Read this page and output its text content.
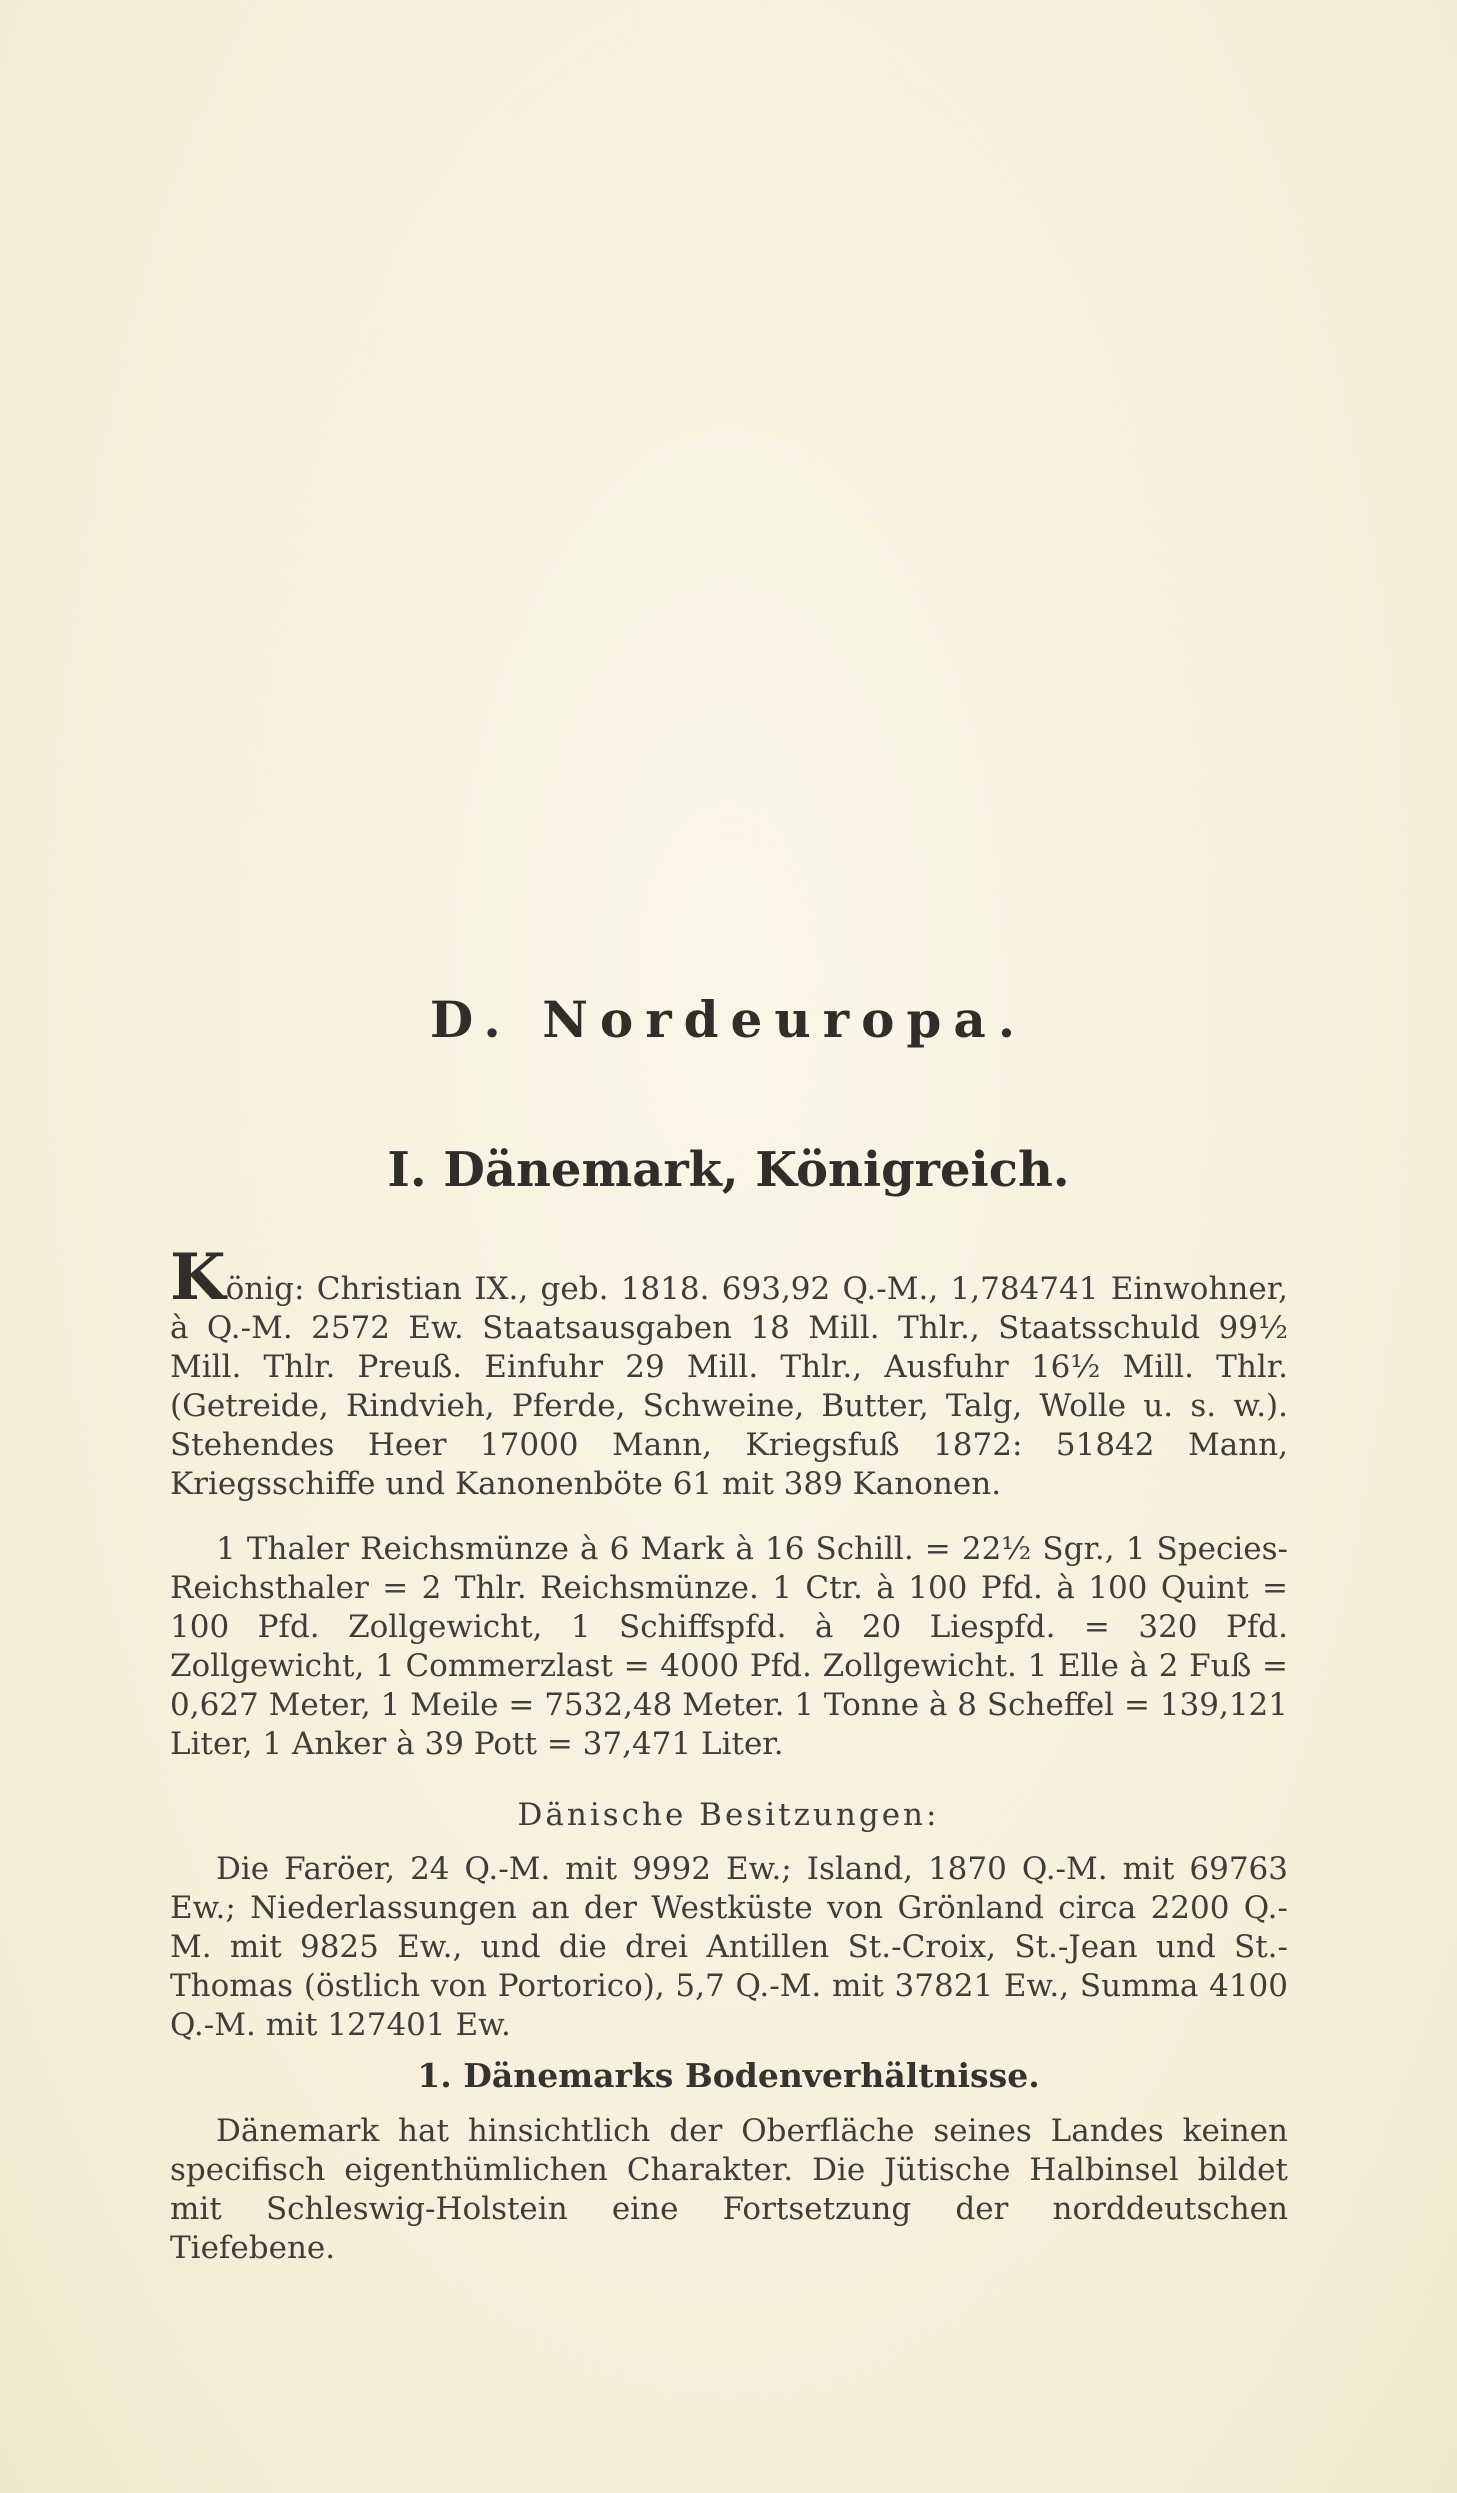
D. Nordeuropa.
I. Dänemark, Königreich.

König: Christian IX., geb. 1818. 693,92 Q.-M., 1,784741 Einwohner, à Q.-M. 2572 Ew. Staatsausgaben 18 Mill. Thlr., Staatsschuld 99½ Mill. Thlr. Preuß. Einfuhr 29 Mill. Thlr., Ausfuhr 16½ Mill. Thlr. (Getreide, Rindvieh, Pferde, Schweine, Butter, Talg, Wolle u. s. w.). Stehendes Heer 17000 Mann, Kriegsfuß 1872: 51842 Mann, Kriegsschiffe und Kanonenböte 61 mit 389 Kanonen.

1 Thaler Reichsmünze à 6 Mark à 16 Schill. = 22½ Sgr., 1 Species-Reichsthaler = 2 Thlr. Reichsmünze. 1 Ctr. à 100 Pfd. à 100 Quint = 100 Pfd. Zollgewicht, 1 Schiffspfd. à 20 Liespfd. = 320 Pfd. Zollgewicht, 1 Commerzlast = 4000 Pfd. Zollgewicht. 1 Elle à 2 Fuß = 0,627 Meter, 1 Meile = 7532,48 Meter. 1 Tonne à 8 Scheffel = 139,121 Liter, 1 Anker à 39 Pott = 37,471 Liter.

Dänische Besitzungen:

Die Faröer, 24 Q.-M. mit 9992 Ew.; Island, 1870 Q.-M. mit 69763 Ew.; Niederlassungen an der Westküste von Grönland circa 2200 Q.-M. mit 9825 Ew., und die drei Antillen St.-Croix, St.-Jean und St.-Thomas (östlich von Portorico), 5,7 Q.-M. mit 37821 Ew., Summa 4100 Q.-M. mit 127401 Ew.

1. Dänemarks Bodenverhältnisse.

Dänemark hat hinsichtlich der Oberfläche seines Landes keinen specifisch eigenthümlichen Charakter. Die Jütische Halbinsel bildet mit Schleswig-Holstein eine Fortsetzung der norddeutschen Tiefebene.
